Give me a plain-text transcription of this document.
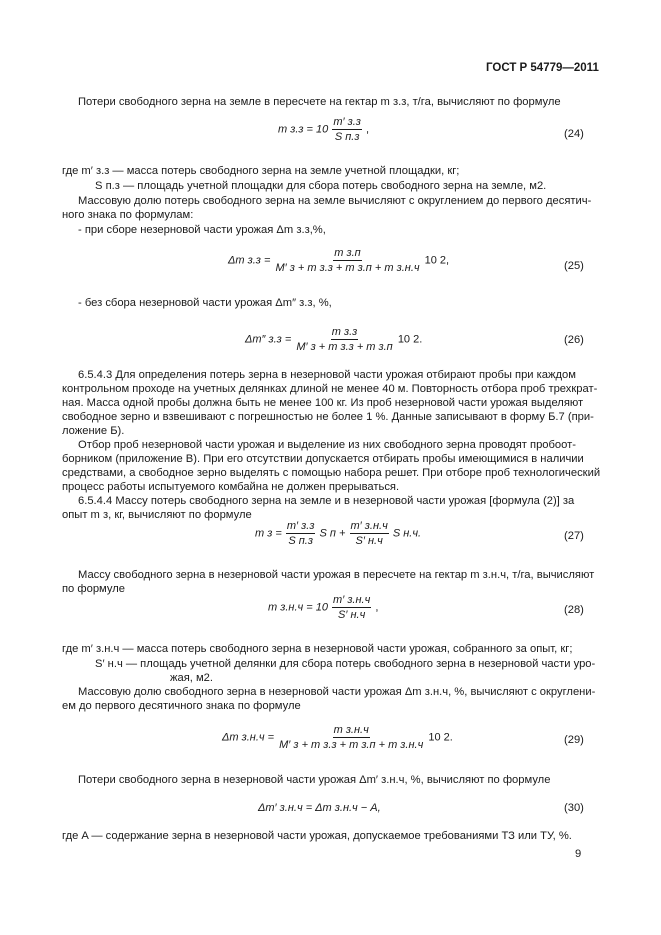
ГОСТ Р 54779—2011
Потери свободного зерна на земле в пересчете на гектар m з.з, т/га, вычисляют по формуле
m з.з = 10
m′ з.з
S п.з
,	(24)
где m′ з.з — масса потерь свободного зерна на земле учетной площадки, кг;
S п.з — площадь учетной площадки для сбора потерь свободного зерна на земле, м2.
Массовую долю потерь свободного зерна на земле вычисляют с округлением до первого десятич-
ного знака по формулам:
- при сборе незерновой части урожая Δm з.з,%,
Δm з.з =
m з.п
M′ з + m з.з + m з.п + m з.н.ч
10 2,	(25)
- без сбора незерновой части урожая Δm″ з.з, %,
Δm″ з.з =
m з.з
M′ з + m з.з + m з.п
10 2.	(26)
6.5.4.3 Для определения потерь зерна в незерновой части урожая отбирают пробы при каждом
контрольном проходе на учетных делянках длиной не менее 40 м. Повторность отбора проб трехкрат-
ная. Масса одной пробы должна быть не менее 100 кг. Из проб незерновой части урожая выделяют
свободное зерно и взвешивают с погрешностью не более 1 %. Данные записывают в форму Б.7 (при-
ложение Б).
Отбор проб незерновой части урожая и выделение из них свободного зерна проводят пробоот-
борником (приложение В). При его отсутствии допускается отбирать пробы имеющимися в наличии
средствами, а свободное зерно выделять с помощью набора решет. При отборе проб технологический
процесс работы испытуемого комбайна не должен прерываться.
6.5.4.4 Массу потерь свободного зерна на земле и в незерновой части урожая [формула (2)] за
опыт m з, кг, вычисляют по формуле
m з =
m′ з.з
S п.з
S п +
m′ з.н.ч
S′ н.ч
S н.ч.	(27)
Массу свободного зерна в незерновой части урожая в пересчете на гектар m з.н.ч, т/га, вычисляют
по формуле
m з.н.ч = 10
m′ з.н.ч
S′ н.ч
,	(28)
где m′ з.н.ч — масса потерь свободного зерна в незерновой части урожая, собранного за опыт, кг;
S′ н.ч — площадь учетной делянки для сбора потерь свободного зерна в незерновой части уро-
жая, м2.
Массовую долю свободного зерна в незерновой части урожая Δm з.н.ч, %, вычисляют с округлени-
ем до первого десятичного знака по формуле
Δm з.н.ч =
m з.н.ч
M′ з + m з.з + m з.п + m з.н.ч
10 2.	(29)
Потери свободного зерна в незерновой части урожая Δm′ з.н.ч, %, вычисляют по формуле
Δm′ з.н.ч = Δm з.н.ч − A,	(30)
где A — содержание зерна в незерновой части урожая, допускаемое требованиями ТЗ или ТУ, %.
9
